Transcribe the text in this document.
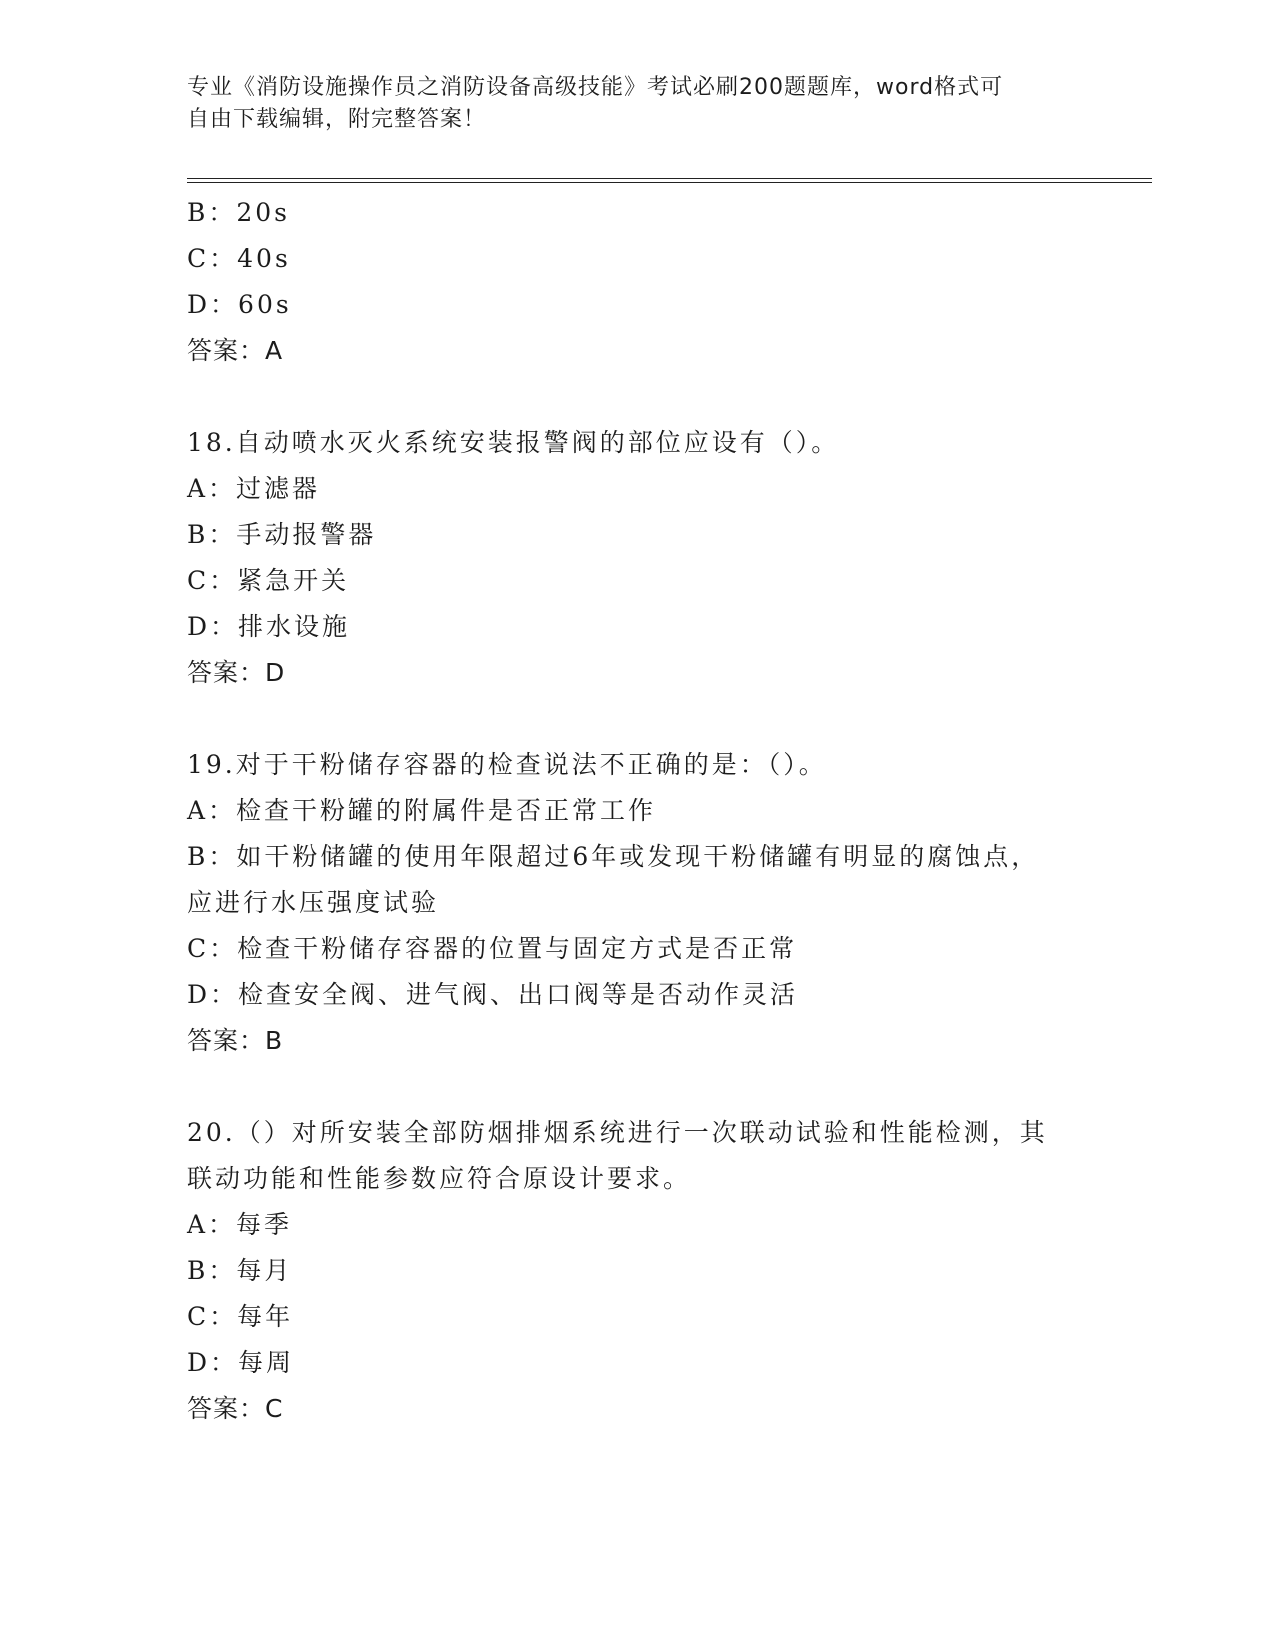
专业《消防设施操作员之消防设备高级技能》考试必刷200题题库，word格式可
自由下载编辑，附完整答案！

B：20s

C：40s

D：60s

答案：A

18.自动喷水灭火系统安装报警阀的部位应设有（）。

A：过滤器

B：手动报警器

C：紧急开关

D：排水设施

答案：D

19.对于干粉储存容器的检查说法不正确的是：（）。

A：检查干粉罐的附属件是否正常工作

B：如干粉储罐的使用年限超过6年或发现干粉储罐有明显的腐蚀点，

应进行水压强度试验

C：检查干粉储存容器的位置与固定方式是否正常

D：检查安全阀、进气阀、出口阀等是否动作灵活

答案：B

20.（）对所安装全部防烟排烟系统进行一次联动试验和性能检测，其

联动功能和性能参数应符合原设计要求。

A：每季

B：每月

C：每年

D：每周

答案：C
